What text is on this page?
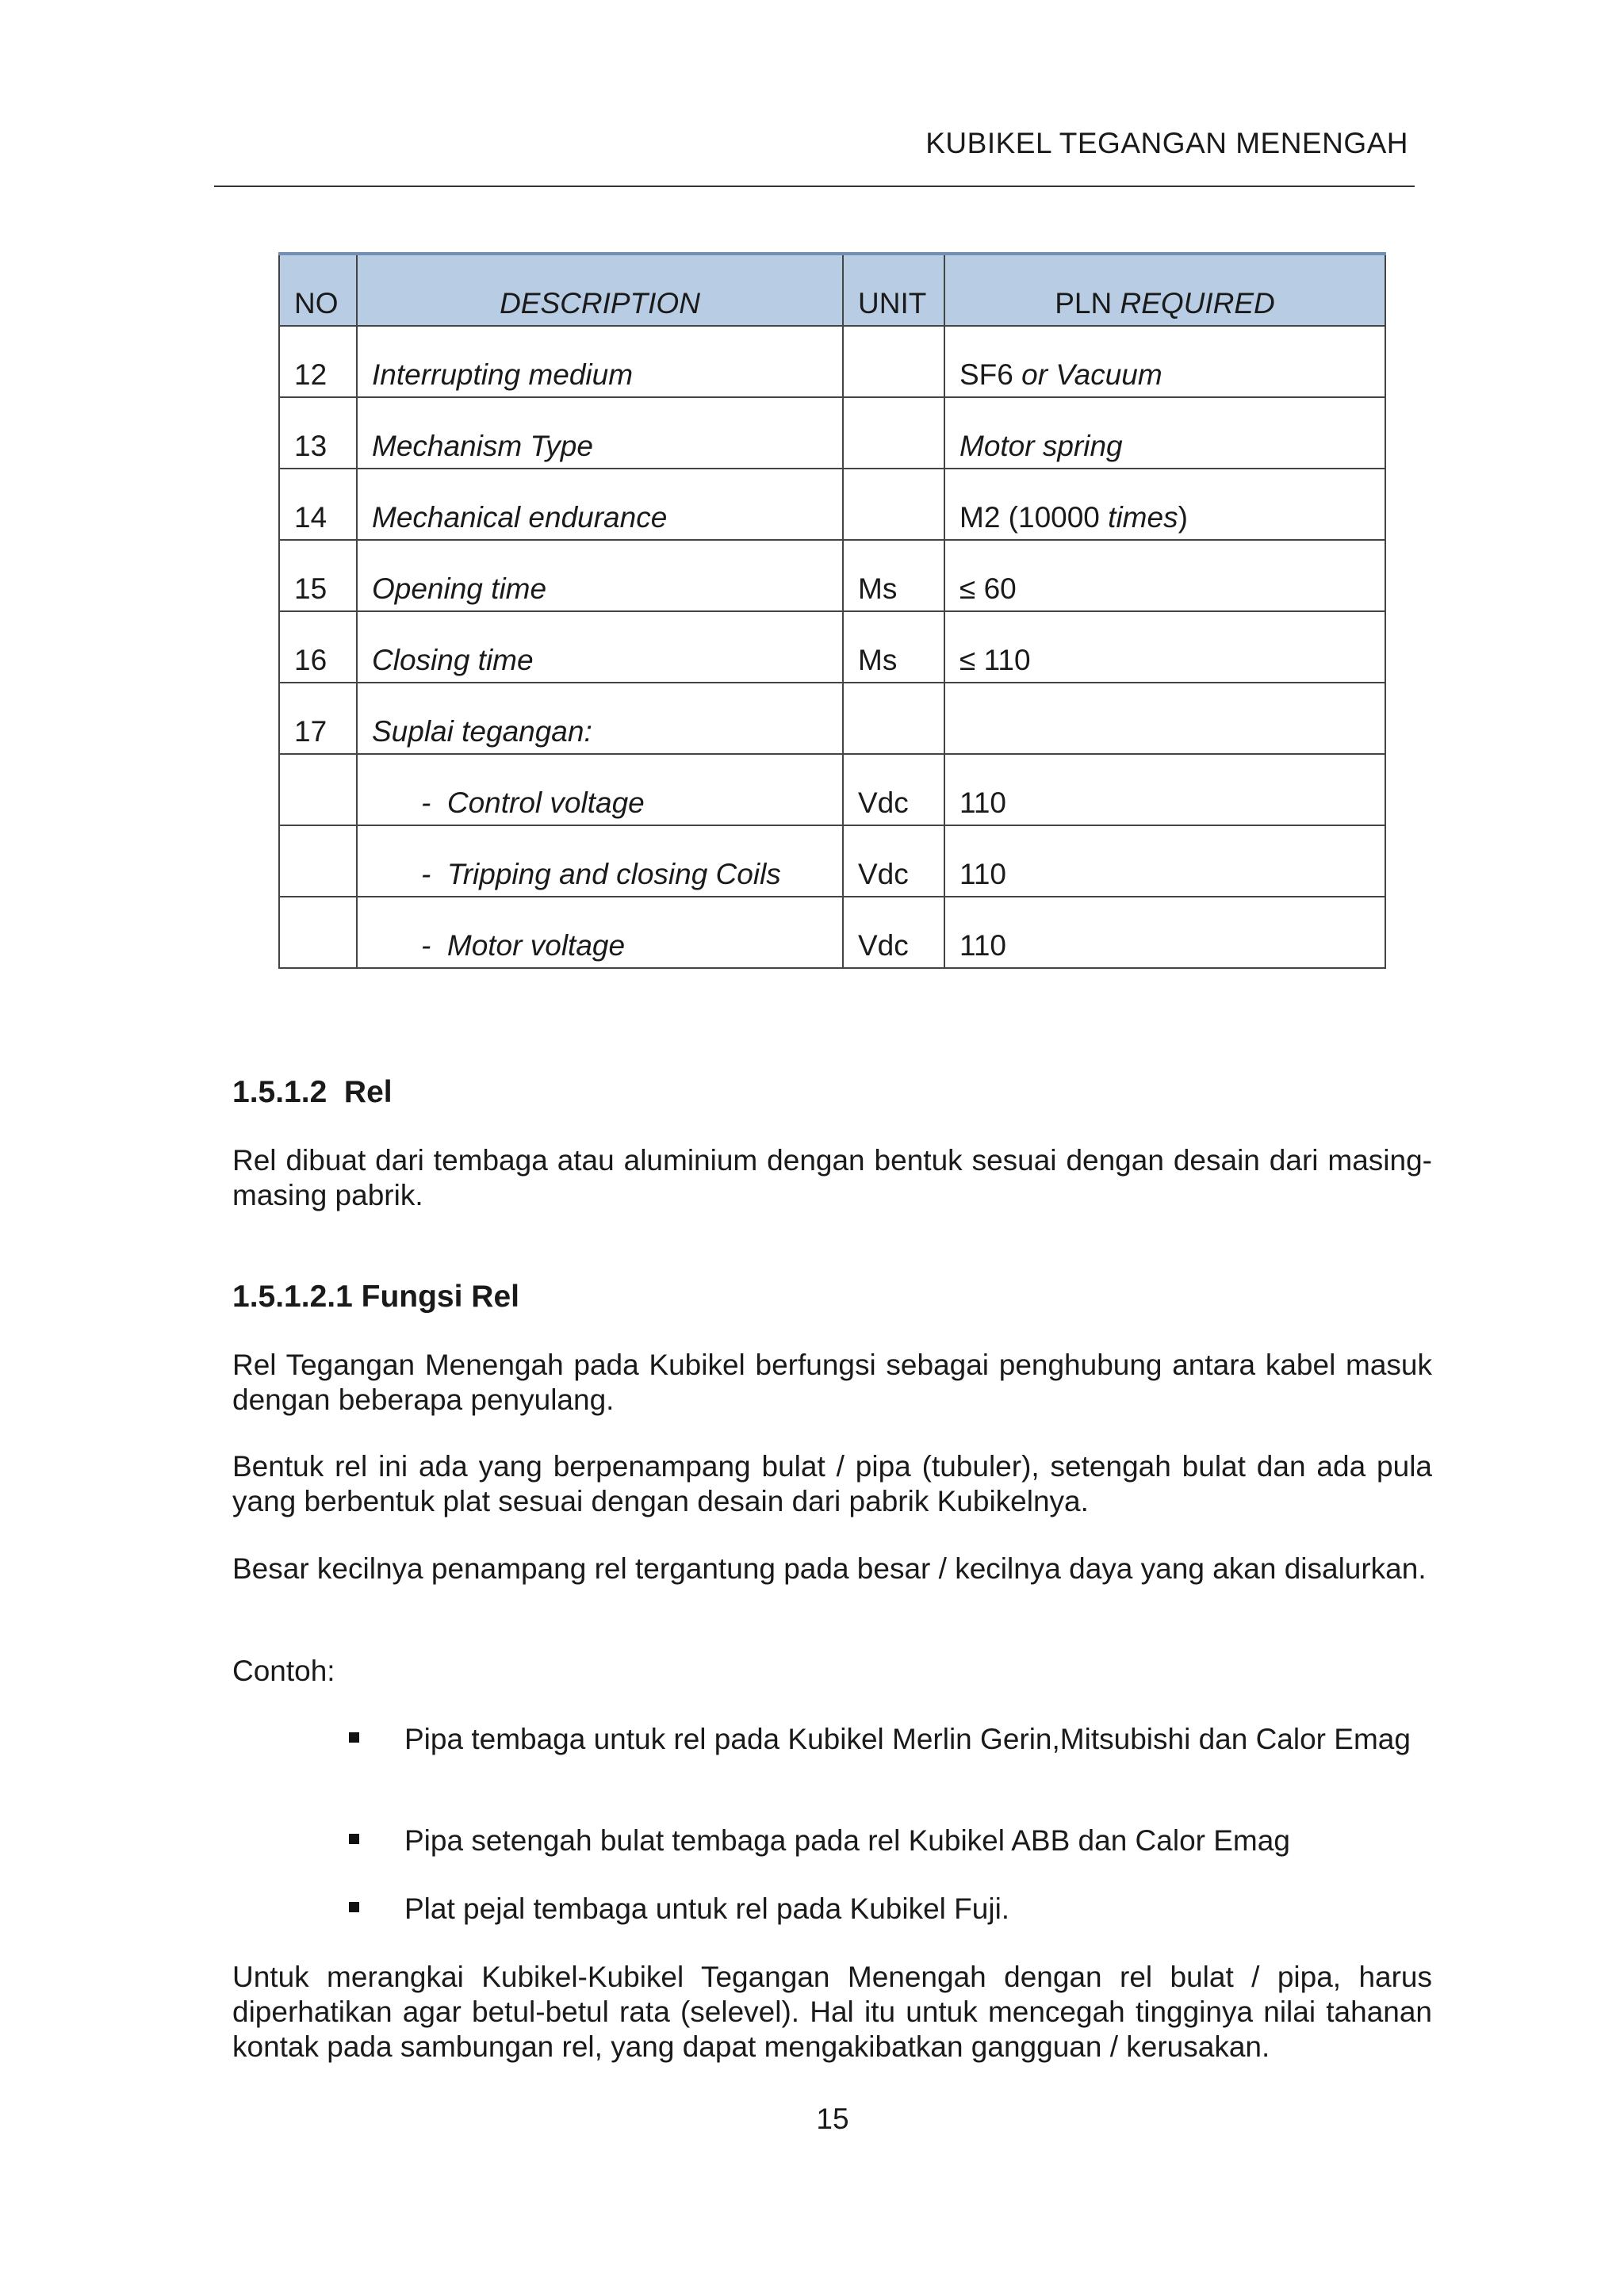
KUBIKEL TEGANGAN MENENGAH
NO	DESCRIPTION	UNIT	PLN REQUIRED
12	Interrupting medium		SF6 or Vacuum
13	Mechanism Type		Motor spring
14	Mechanical endurance		M2 (10000 times)
15	Opening time	Ms	≤ 60
16	Closing time	Ms	≤ 110
17	Suplai tegangan:		
	-  Control voltage	Vdc	110
	-  Tripping and closing Coils	Vdc	110
	-  Motor voltage	Vdc	110
1.5.1.2  Rel

Rel dibuat dari tembaga atau aluminium dengan bentuk sesuai dengan desain dari masing-masing pabrik.

1.5.1.2.1 Fungsi Rel

Rel Tegangan Menengah pada Kubikel berfungsi sebagai penghubung antara kabel masuk dengan beberapa penyulang.

Bentuk rel ini ada yang berpenampang bulat / pipa (tubuler), setengah bulat dan ada pula yang berbentuk plat sesuai dengan desain dari pabrik Kubikelnya.

Besar kecilnya penampang rel tergantung pada besar / kecilnya daya yang akan disalurkan.

Contoh:

Pipa tembaga untuk rel pada Kubikel Merlin Gerin,Mitsubishi dan Calor Emag
Pipa setengah bulat tembaga pada rel Kubikel ABB dan Calor Emag
Plat pejal tembaga untuk rel pada Kubikel Fuji.

Untuk merangkai Kubikel-Kubikel Tegangan Menengah dengan rel bulat / pipa, harus diperhatikan agar betul-betul rata (selevel). Hal itu untuk mencegah tingginya nilai tahanan kontak pada sambungan rel, yang dapat mengakibatkan gangguan / kerusakan.

15
